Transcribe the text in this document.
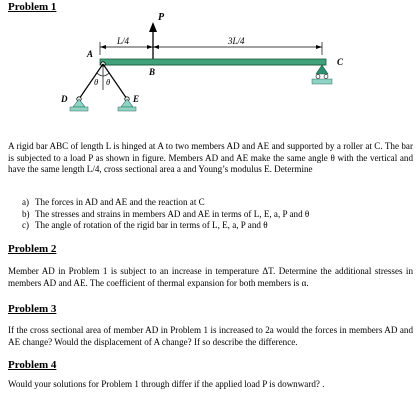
Problem 1
P
L/4	3L/4
A
B
C
θ θ
D	E

A rigid bar ABC of length L is hinged at A to two members AD and AE and supported by a roller at C. The bar is subjected to a load P as shown in figure. Members AD and AE make the same angle θ with the vertical and have the same length L/4, cross sectional area a and Young’s modulus E. Determine

a) The forces in AD and AE and the reaction at C
b) The stresses and strains in members AD and AE in terms of L, E, a, P and θ
c) The angle of rotation of the rigid bar in terms of L, E, a, P and θ
Problem 2

Member AD in Problem 1 is subject to an increase in temperature ΔT. Determine the additional stresses in members AD and AE. The coefficient of thermal expansion for both members is α.

Problem 3

If the cross sectional area of member AD in Problem 1 is increased to 2a would the forces in members AD and AE change? Would the displacement of A change? If so describe the difference.

Problem 4

Would your solutions for Problem 1 through differ if the applied load P is downward? .
